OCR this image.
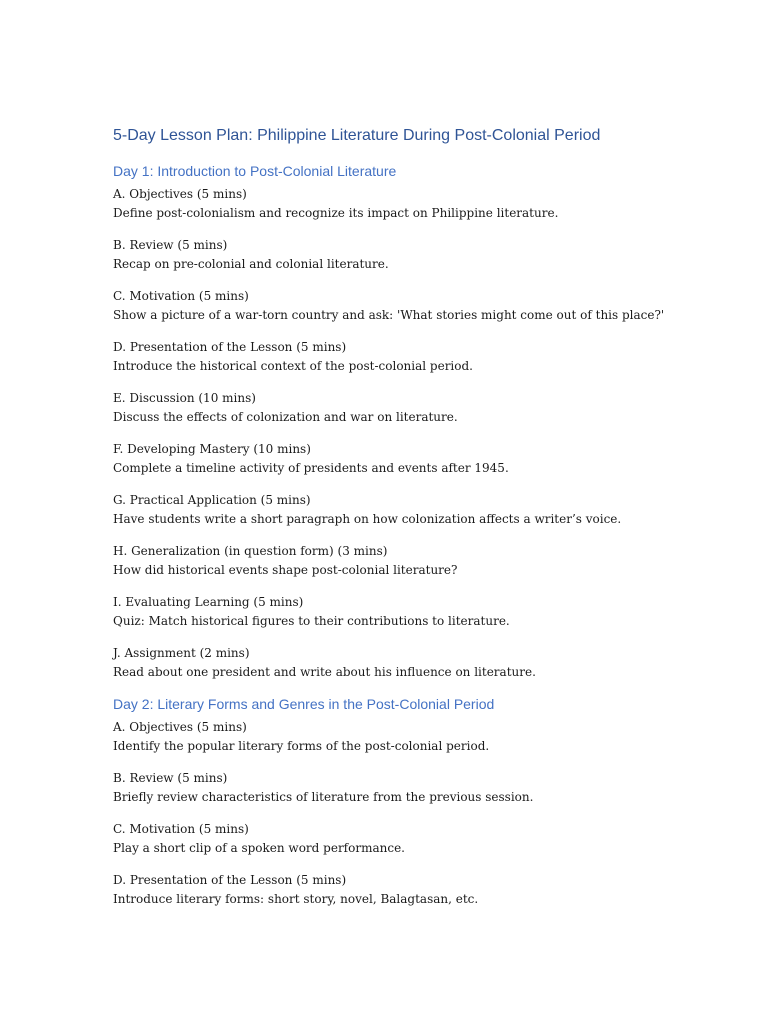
5-Day Lesson Plan: Philippine Literature During Post-Colonial Period
Day 1: Introduction to Post-Colonial Literature
A. Objectives (5 mins)
Define post-colonialism and recognize its impact on Philippine literature.
B. Review (5 mins)
Recap on pre-colonial and colonial literature.
C. Motivation (5 mins)
Show a picture of a war-torn country and ask: 'What stories might come out of this place?'
D. Presentation of the Lesson (5 mins)
Introduce the historical context of the post-colonial period.
E. Discussion (10 mins)
Discuss the effects of colonization and war on literature.
F. Developing Mastery (10 mins)
Complete a timeline activity of presidents and events after 1945.
G. Practical Application (5 mins)
Have students write a short paragraph on how colonization affects a writer’s voice.
H. Generalization (in question form) (3 mins)
How did historical events shape post-colonial literature?
I. Evaluating Learning (5 mins)
Quiz: Match historical figures to their contributions to literature.
J. Assignment (2 mins)
Read about one president and write about his influence on literature.
Day 2: Literary Forms and Genres in the Post-Colonial Period
A. Objectives (5 mins)
Identify the popular literary forms of the post-colonial period.
B. Review (5 mins)
Briefly review characteristics of literature from the previous session.
C. Motivation (5 mins)
Play a short clip of a spoken word performance.
D. Presentation of the Lesson (5 mins)
Introduce literary forms: short story, novel, Balagtasan, etc.
